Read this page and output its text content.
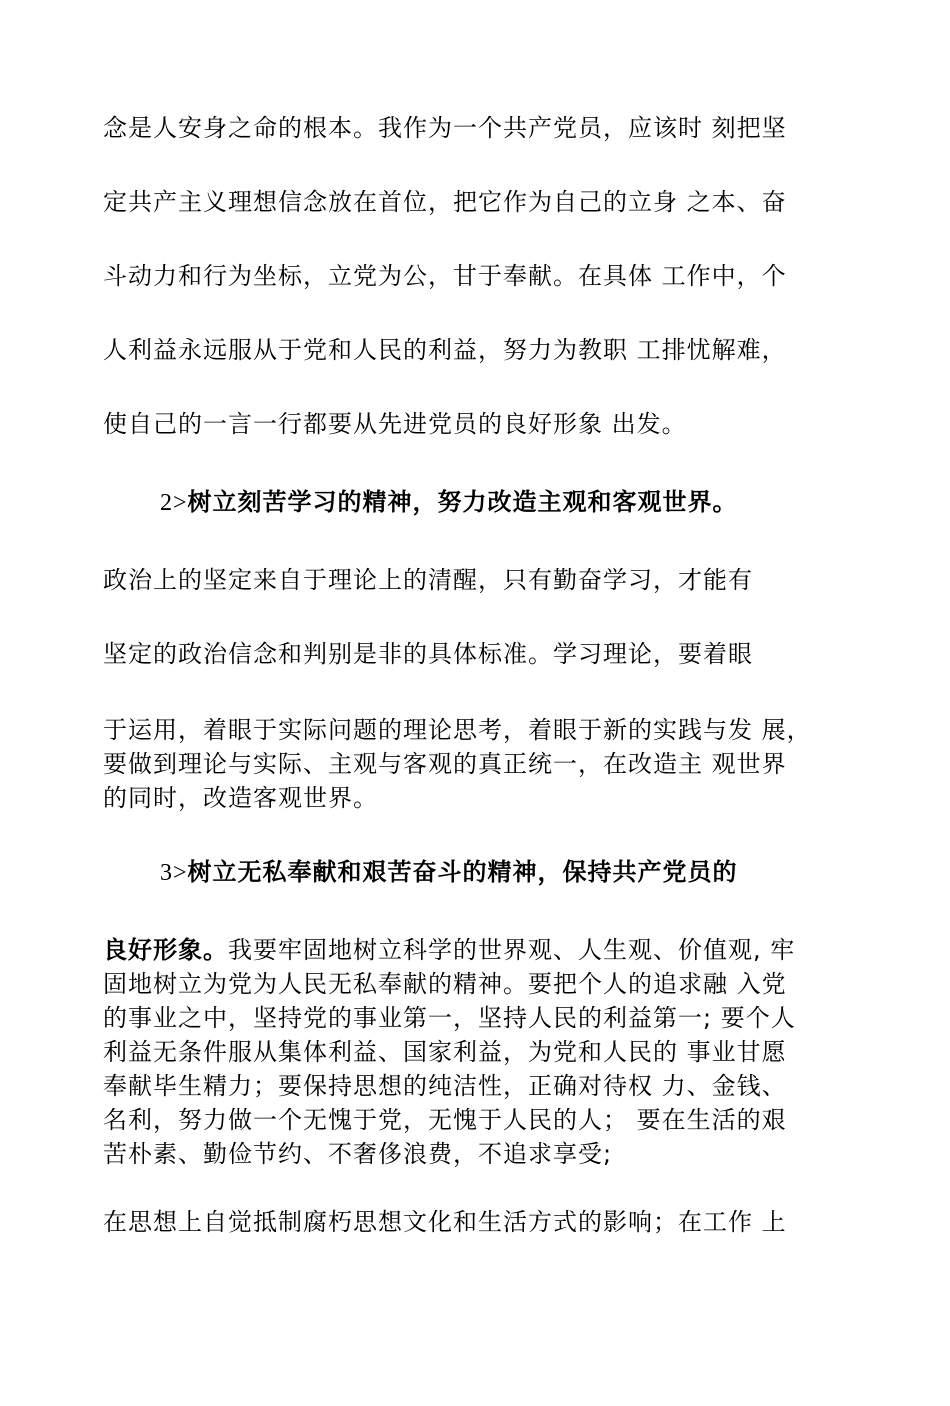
念是人安身之命的根本。我作为一个共产党员，应该时 刻把坚
定共产主义理想信念放在首位，把它作为自己的立身 之本、奋
斗动力和行为坐标，立党为公，甘于奉献。在具体 工作中，个
人利益永远服从于党和人民的利益，努力为教职 工排忧解难，
使自己的一言一行都要从先进党员的良好形象 出发。
2>树立刻苦学习的精神，努力改造主观和客观世界。
政治上的坚定来自于理论上的清醒，只有勤奋学习，才能有
坚定的政治信念和判别是非的具体标准。学习理论，要着眼
于运用，着眼于实际问题的理论思考，着眼于新的实践与发 展，
要做到理论与实际、主观与客观的真正统一，在改造主 观世界
的同时，改造客观世界。
3>树立无私奉献和艰苦奋斗的精神，保持共产党员的
良好形象。我要牢固地树立科学的世界观、人生观、价值观, 牢
固地树立为党为人民无私奉献的精神。要把个人的追求融 入党
的事业之中，坚持党的事业第一，坚持人民的利益第一; 要个人
利益无条件服从集体利益、国家利益，为党和人民的 事业甘愿
奉献毕生精力；要保持思想的纯洁性，正确对待权 力、金钱、
名利，努力做一个无愧于党，无愧于人民的人； 要在生活的艰
苦朴素、勤俭节约、不奢侈浪费，不追求享受;
在思想上自觉抵制腐朽思想文化和生活方式的影响；在工作 上
